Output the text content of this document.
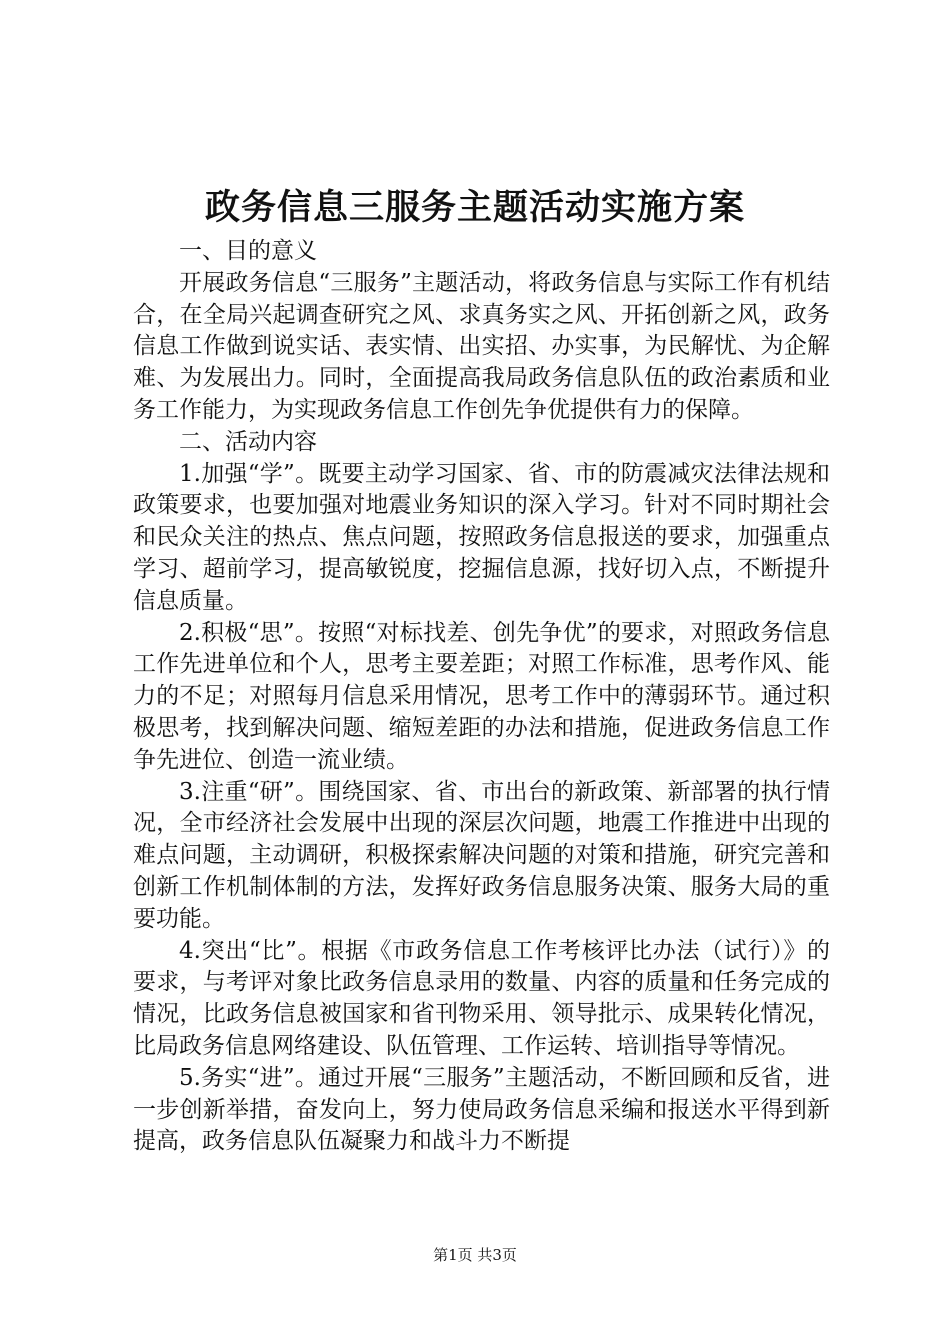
政务信息三服务主题活动实施方案

一、目的意义

开展政务信息“三服务”主题活动，将政务信息与实际工作有机结合，在全局兴起调查研究之风、求真务实之风、开拓创新之风，政务信息工作做到说实话、表实情、出实招、办实事，为民解忧、为企解难、为发展出力。同时，全面提高我局政务信息队伍的政治素质和业务工作能力，为实现政务信息工作创先争优提供有力的保障。

二、活动内容

1.加强“学”。既要主动学习国家、省、市的防震减灾法律法规和政策要求，也要加强对地震业务知识的深入学习。针对不同时期社会和民众关注的热点、焦点问题，按照政务信息报送的要求，加强重点学习、超前学习，提高敏锐度，挖掘信息源，找好切入点，不断提升信息质量。

2.积极“思”。按照“对标找差、创先争优”的要求，对照政务信息工作先进单位和个人，思考主要差距；对照工作标准，思考作风、能力的不足；对照每月信息采用情况，思考工作中的薄弱环节。通过积极思考，找到解决问题、缩短差距的办法和措施，促进政务信息工作争先进位、创造一流业绩。

3.注重“研”。围绕国家、省、市出台的新政策、新部署的执行情况，全市经济社会发展中出现的深层次问题，地震工作推进中出现的难点问题，主动调研，积极探索解决问题的对策和措施，研究完善和创新工作机制体制的方法，发挥好政务信息服务决策、服务大局的重要功能。

4.突出“比”。根据《市政务信息工作考核评比办法（试行）》的要求，与考评对象比政务信息录用的数量、内容的质量和任务完成的情况，比政务信息被国家和省刊物采用、领导批示、成果转化情况，比局政务信息网络建设、队伍管理、工作运转、培训指导等情况。

5.务实“进”。通过开展“三服务”主题活动，不断回顾和反省，进一步创新举措，奋发向上，努力使局政务信息采编和报送水平得到新提高，政务信息队伍凝聚力和战斗力不断提

第1页 共3页
